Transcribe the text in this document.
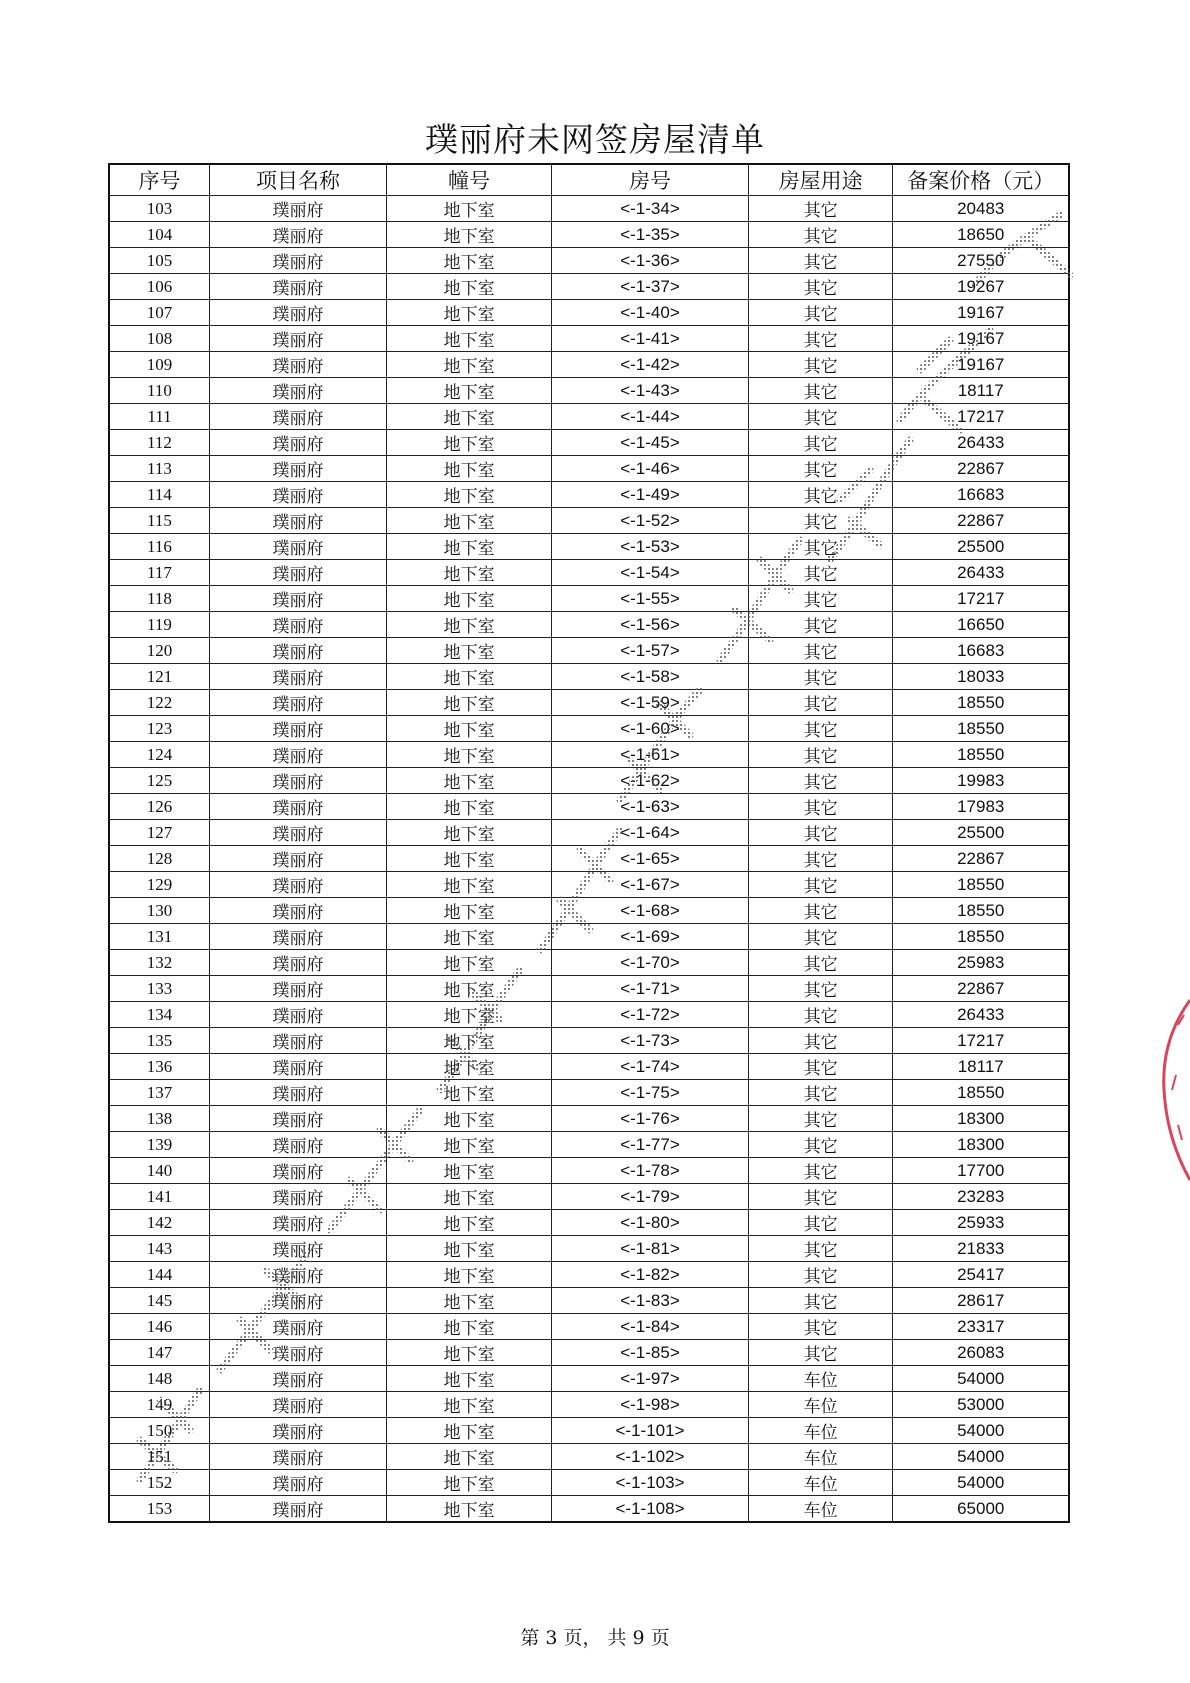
璞丽府未网签房屋清单
序号	项目名称	幢号	房号	房屋用途	备案价格（元）
103	璞丽府	地下室	<-1-34>	其它	20483
104	璞丽府	地下室	<-1-35>	其它	18650
105	璞丽府	地下室	<-1-36>	其它	27550
106	璞丽府	地下室	<-1-37>	其它	19267
107	璞丽府	地下室	<-1-40>	其它	19167
108	璞丽府	地下室	<-1-41>	其它	19167
109	璞丽府	地下室	<-1-42>	其它	19167
110	璞丽府	地下室	<-1-43>	其它	18117
111	璞丽府	地下室	<-1-44>	其它	17217
112	璞丽府	地下室	<-1-45>	其它	26433
113	璞丽府	地下室	<-1-46>	其它	22867
114	璞丽府	地下室	<-1-49>	其它	16683
115	璞丽府	地下室	<-1-52>	其它	22867
116	璞丽府	地下室	<-1-53>	其它	25500
117	璞丽府	地下室	<-1-54>	其它	26433
118	璞丽府	地下室	<-1-55>	其它	17217
119	璞丽府	地下室	<-1-56>	其它	16650
120	璞丽府	地下室	<-1-57>	其它	16683
121	璞丽府	地下室	<-1-58>	其它	18033
122	璞丽府	地下室	<-1-59>	其它	18550
123	璞丽府	地下室	<-1-60>	其它	18550
124	璞丽府	地下室	<-1-61>	其它	18550
125	璞丽府	地下室	<-1-62>	其它	19983
126	璞丽府	地下室	<-1-63>	其它	17983
127	璞丽府	地下室	<-1-64>	其它	25500
128	璞丽府	地下室	<-1-65>	其它	22867
129	璞丽府	地下室	<-1-67>	其它	18550
130	璞丽府	地下室	<-1-68>	其它	18550
131	璞丽府	地下室	<-1-69>	其它	18550
132	璞丽府	地下室	<-1-70>	其它	25983
133	璞丽府	地下室	<-1-71>	其它	22867
134	璞丽府	地下室	<-1-72>	其它	26433
135	璞丽府	地下室	<-1-73>	其它	17217
136	璞丽府	地下室	<-1-74>	其它	18117
137	璞丽府	地下室	<-1-75>	其它	18550
138	璞丽府	地下室	<-1-76>	其它	18300
139	璞丽府	地下室	<-1-77>	其它	18300
140	璞丽府	地下室	<-1-78>	其它	17700
141	璞丽府	地下室	<-1-79>	其它	23283
142	璞丽府	地下室	<-1-80>	其它	25933
143	璞丽府	地下室	<-1-81>	其它	21833
144	璞丽府	地下室	<-1-82>	其它	25417
145	璞丽府	地下室	<-1-83>	其它	28617
146	璞丽府	地下室	<-1-84>	其它	23317
147	璞丽府	地下室	<-1-85>	其它	26083
148	璞丽府	地下室	<-1-97>	车位	54000
149	璞丽府	地下室	<-1-98>	车位	53000
150	璞丽府	地下室	<-1-101>	车位	54000
151	璞丽府	地下室	<-1-102>	车位	54000
152	璞丽府	地下室	<-1-103>	车位	54000
153	璞丽府	地下室	<-1-108>	车位	65000
第 3 页， 共 9 页
